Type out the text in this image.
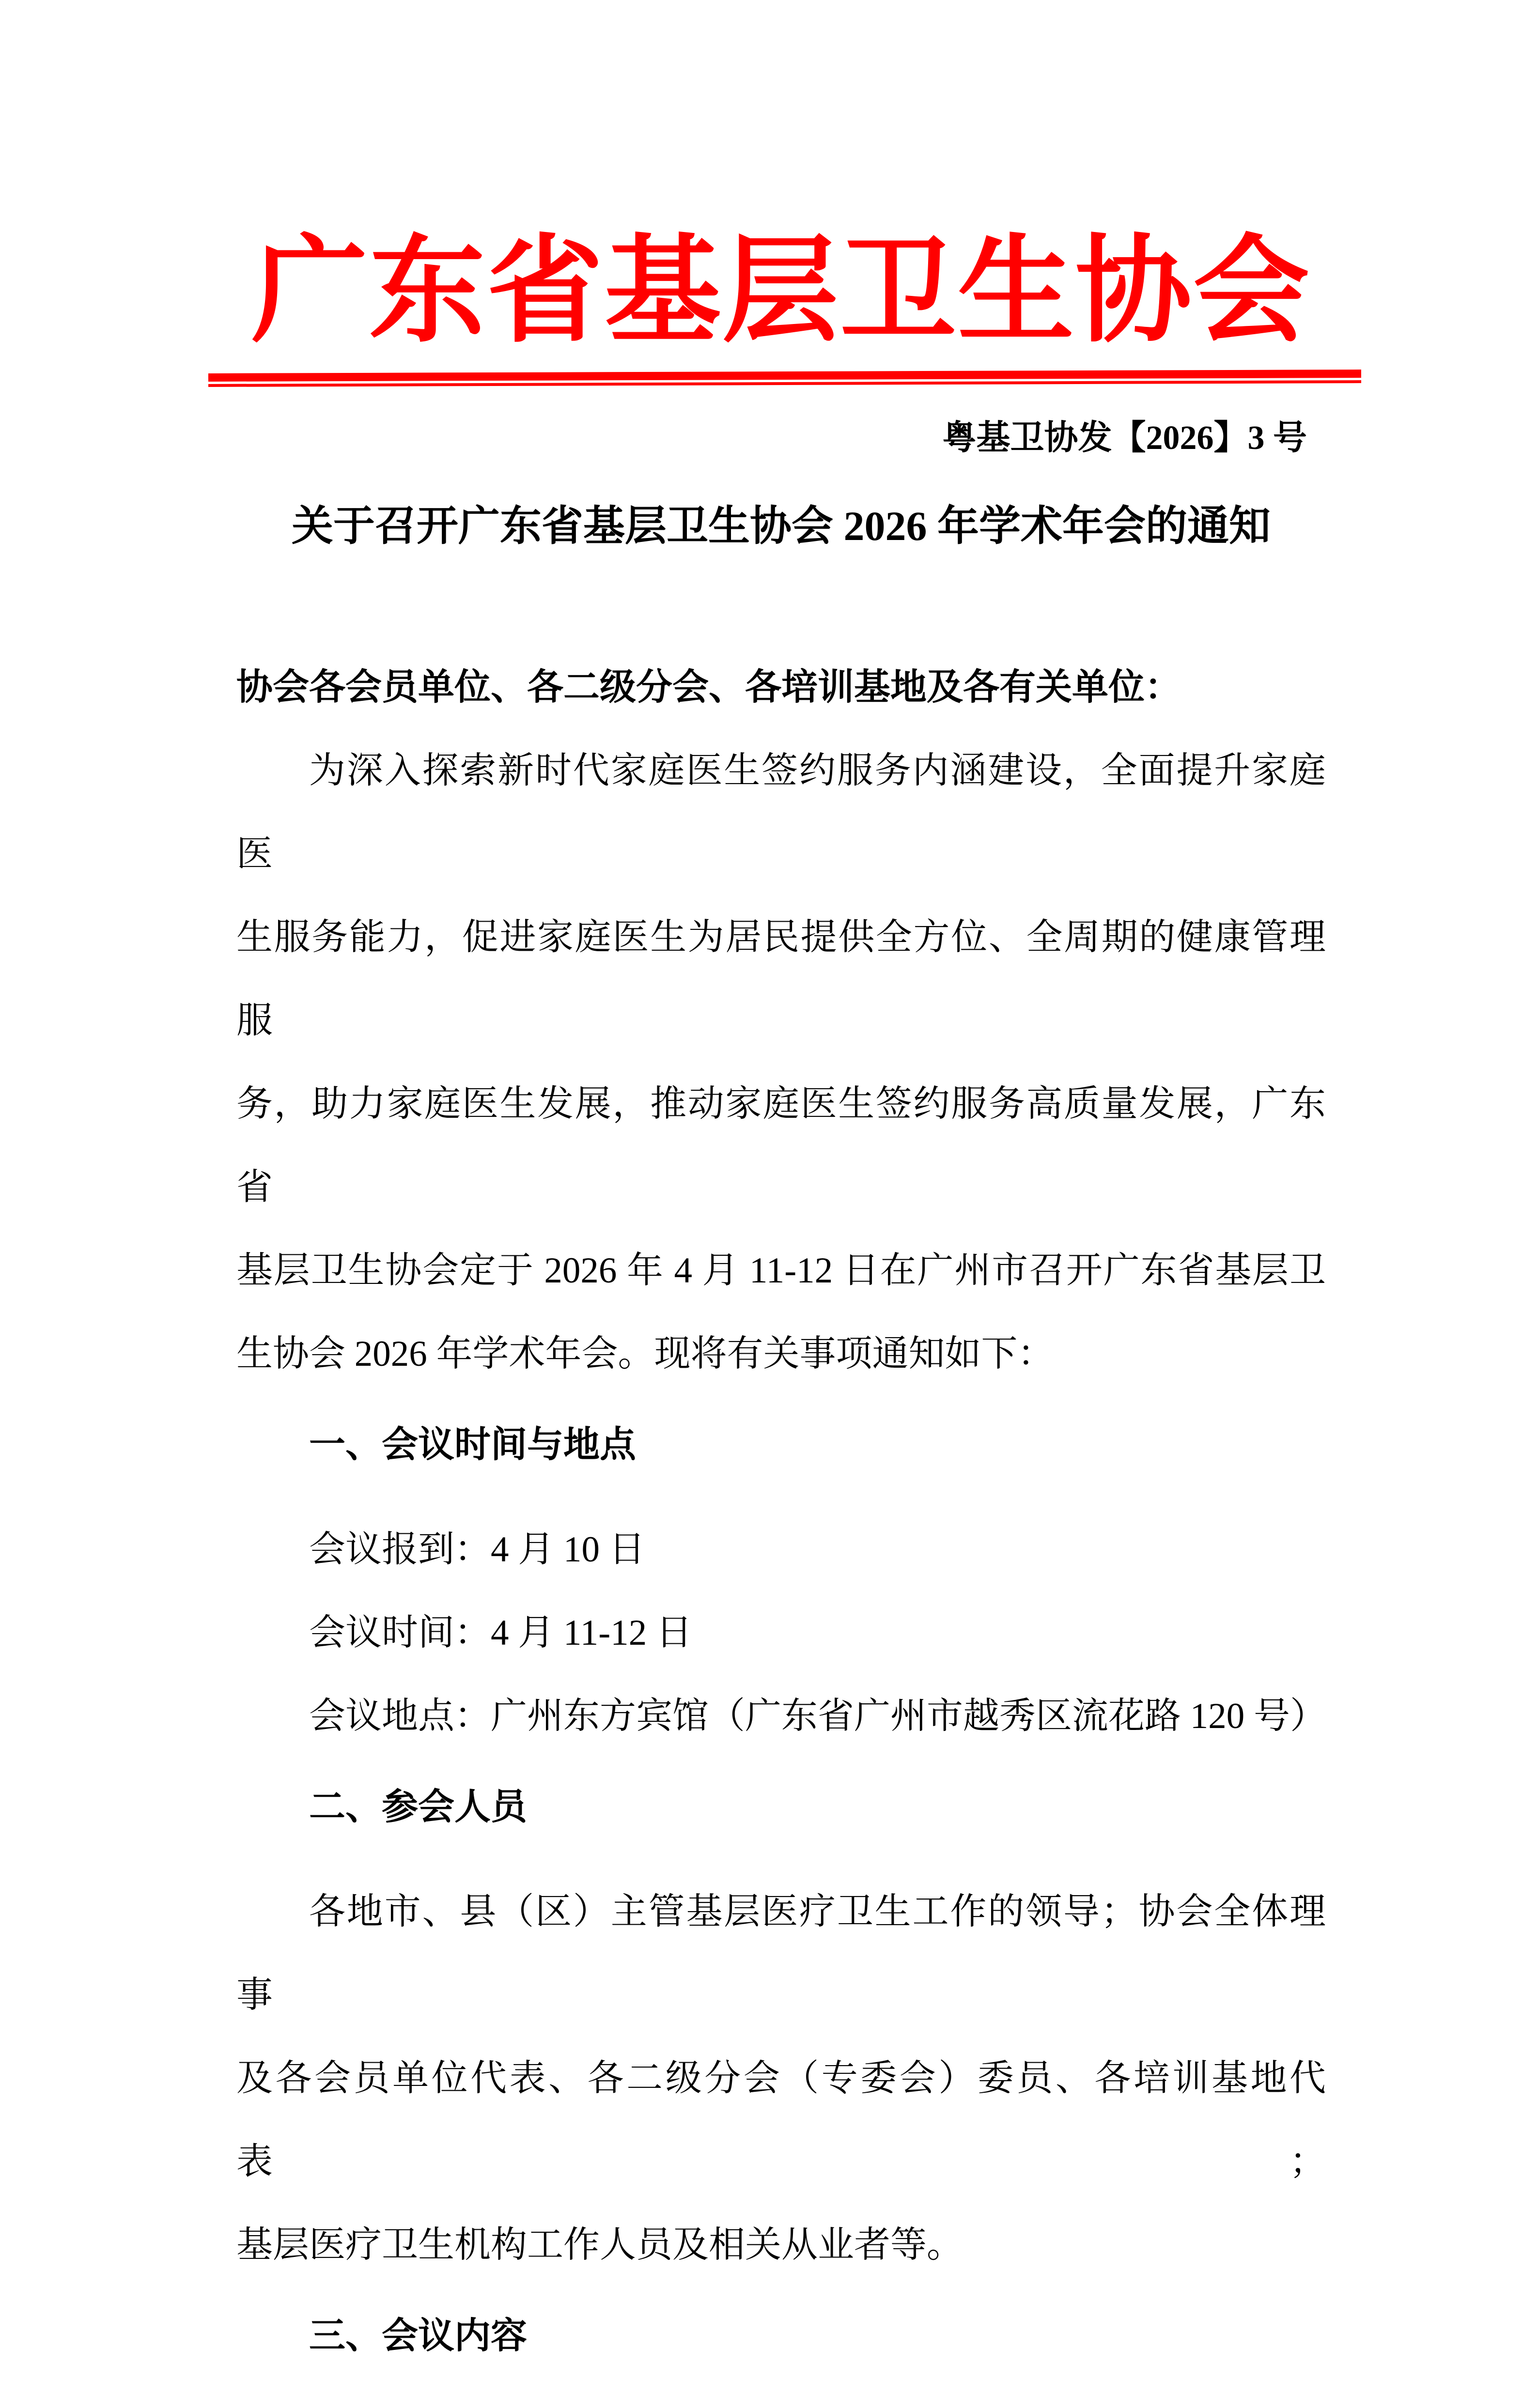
广东省基层卫生协会
粤基卫协发【2026】3 号
关于召开广东省基层卫生协会 2026 年学术年会的通知
协会各会员单位、各二级分会、各培训基地及各有关单位：
为深入探索新时代家庭医生签约服务内涵建设，全面提升家庭医
生服务能力，促进家庭医生为居民提供全方位、全周期的健康管理服
务，助力家庭医生发展，推动家庭医生签约服务高质量发展，广东省
基层卫生协会定于 2026 年 4 月 11-12 日在广州市召开广东省基层卫
生协会 2026 年学术年会。现将有关事项通知如下：
一、会议时间与地点
会议报到：4 月 10 日
会议时间：4 月 11-12 日
会议地点：广州东方宾馆（广东省广州市越秀区流花路 120 号）
二、参会人员
各地市、县（区）主管基层医疗卫生工作的领导；协会全体理事
及各会员单位代表、各二级分会（专委会）委员、各培训基地代表；
基层医疗卫生机构工作人员及相关从业者等。
三、会议内容
